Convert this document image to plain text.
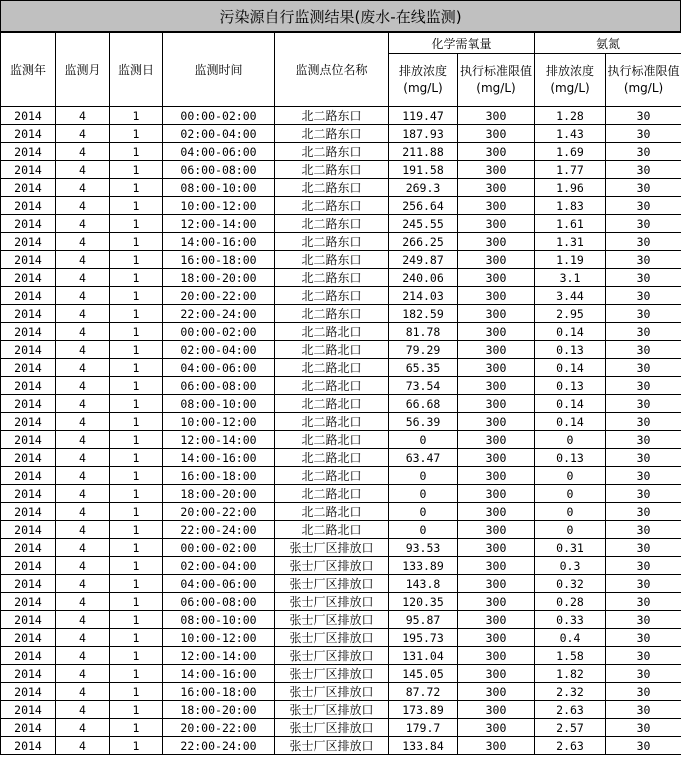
污染源自行监测结果(废水-在线监测)
监测年	监测月	监测日	监测时间	监测点位名称	化学需氧量		氨氮	
					排放浓度(mg/L)	执行标准限值(mg/L)	排放浓度(mg/L)	执行标准限值(mg/L)
2014	4	1	00:00-02:00	北二路东口	119.47	300	1.28	30
2014	4	1	02:00-04:00	北二路东口	187.93	300	1.43	30
2014	4	1	04:00-06:00	北二路东口	211.88	300	1.69	30
2014	4	1	06:00-08:00	北二路东口	191.58	300	1.77	30
2014	4	1	08:00-10:00	北二路东口	269.3	300	1.96	30
2014	4	1	10:00-12:00	北二路东口	256.64	300	1.83	30
2014	4	1	12:00-14:00	北二路东口	245.55	300	1.61	30
2014	4	1	14:00-16:00	北二路东口	266.25	300	1.31	30
2014	4	1	16:00-18:00	北二路东口	249.87	300	1.19	30
2014	4	1	18:00-20:00	北二路东口	240.06	300	3.1	30
2014	4	1	20:00-22:00	北二路东口	214.03	300	3.44	30
2014	4	1	22:00-24:00	北二路东口	182.59	300	2.95	30
2014	4	1	00:00-02:00	北二路北口	81.78	300	0.14	30
2014	4	1	02:00-04:00	北二路北口	79.29	300	0.13	30
2014	4	1	04:00-06:00	北二路北口	65.35	300	0.14	30
2014	4	1	06:00-08:00	北二路北口	73.54	300	0.13	30
2014	4	1	08:00-10:00	北二路北口	66.68	300	0.14	30
2014	4	1	10:00-12:00	北二路北口	56.39	300	0.14	30
2014	4	1	12:00-14:00	北二路北口	0	300	0	30
2014	4	1	14:00-16:00	北二路北口	63.47	300	0.13	30
2014	4	1	16:00-18:00	北二路北口	0	300	0	30
2014	4	1	18:00-20:00	北二路北口	0	300	0	30
2014	4	1	20:00-22:00	北二路北口	0	300	0	30
2014	4	1	22:00-24:00	北二路北口	0	300	0	30
2014	4	1	00:00-02:00	张士厂区排放口	93.53	300	0.31	30
2014	4	1	02:00-04:00	张士厂区排放口	133.89	300	0.3	30
2014	4	1	04:00-06:00	张士厂区排放口	143.8	300	0.32	30
2014	4	1	06:00-08:00	张士厂区排放口	120.35	300	0.28	30
2014	4	1	08:00-10:00	张士厂区排放口	95.87	300	0.33	30
2014	4	1	10:00-12:00	张士厂区排放口	195.73	300	0.4	30
2014	4	1	12:00-14:00	张士厂区排放口	131.04	300	1.58	30
2014	4	1	14:00-16:00	张士厂区排放口	145.05	300	1.82	30
2014	4	1	16:00-18:00	张士厂区排放口	87.72	300	2.32	30
2014	4	1	18:00-20:00	张士厂区排放口	173.89	300	2.63	30
2014	4	1	20:00-22:00	张士厂区排放口	179.7	300	2.57	30
2014	4	1	22:00-24:00	张士厂区排放口	133.84	300	2.63	30
